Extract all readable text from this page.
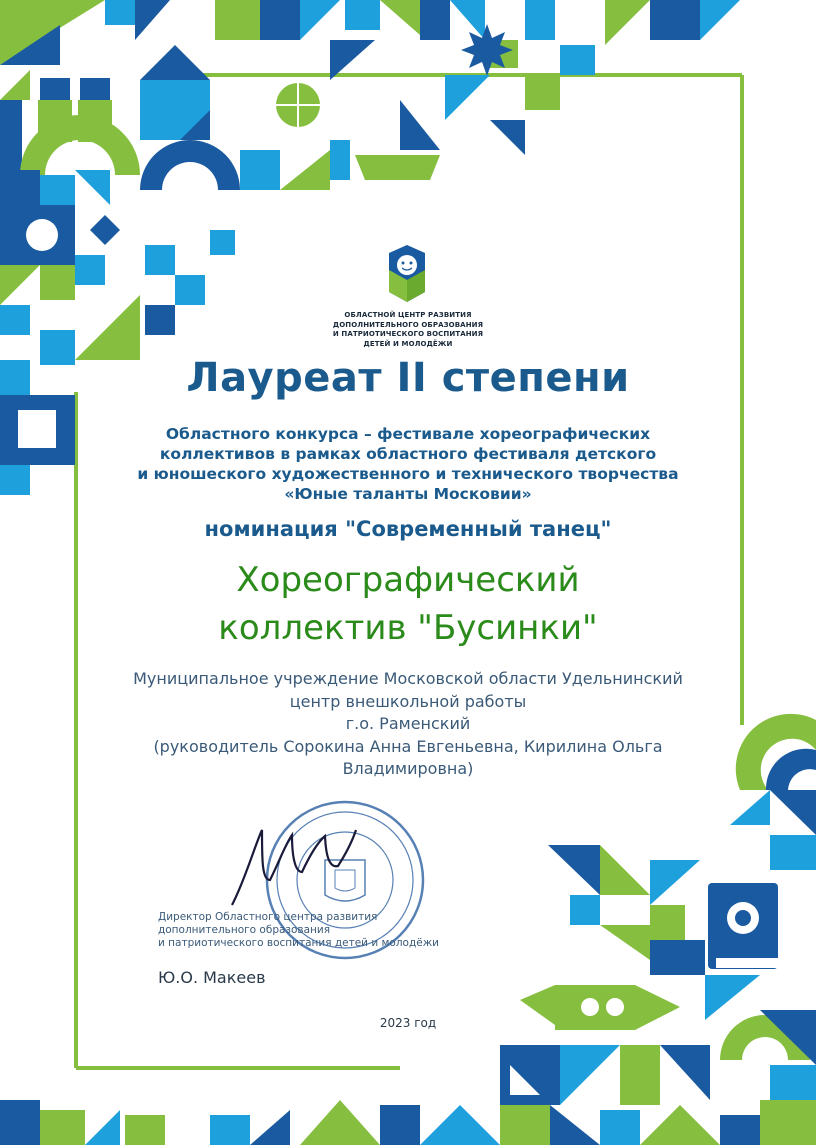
ОБЛАСТНОЙ ЦЕНТР РАЗВИТИЯ
ДОПОЛНИТЕЛЬНОГО ОБРАЗОВАНИЯ
И ПАТРИОТИЧЕСКОГО ВОСПИТАНИЯ
ДЕТЕЙ И МОЛОДЁЖИ
Лауреат II степени
Областного конкурса – фестивале хореографических
коллективов в рамках областного фестиваля детского
и юношеского художественного и технического творчества
«Юные таланты Московии»
номинация "Современный танец"
Хореографический
коллектив "Бусинки"
Муниципальное учреждение Московской области Удельнинский
центр внешкольной работы
г.о. Раменский
(руководитель Сорокина Анна Евгеньевна, Кирилина Ольга
Владимировна)
Директор Областного центра развития
дополнительного образования
и патриотического воспитания детей и молодёжи
Ю.О. Макеев
2023 год
